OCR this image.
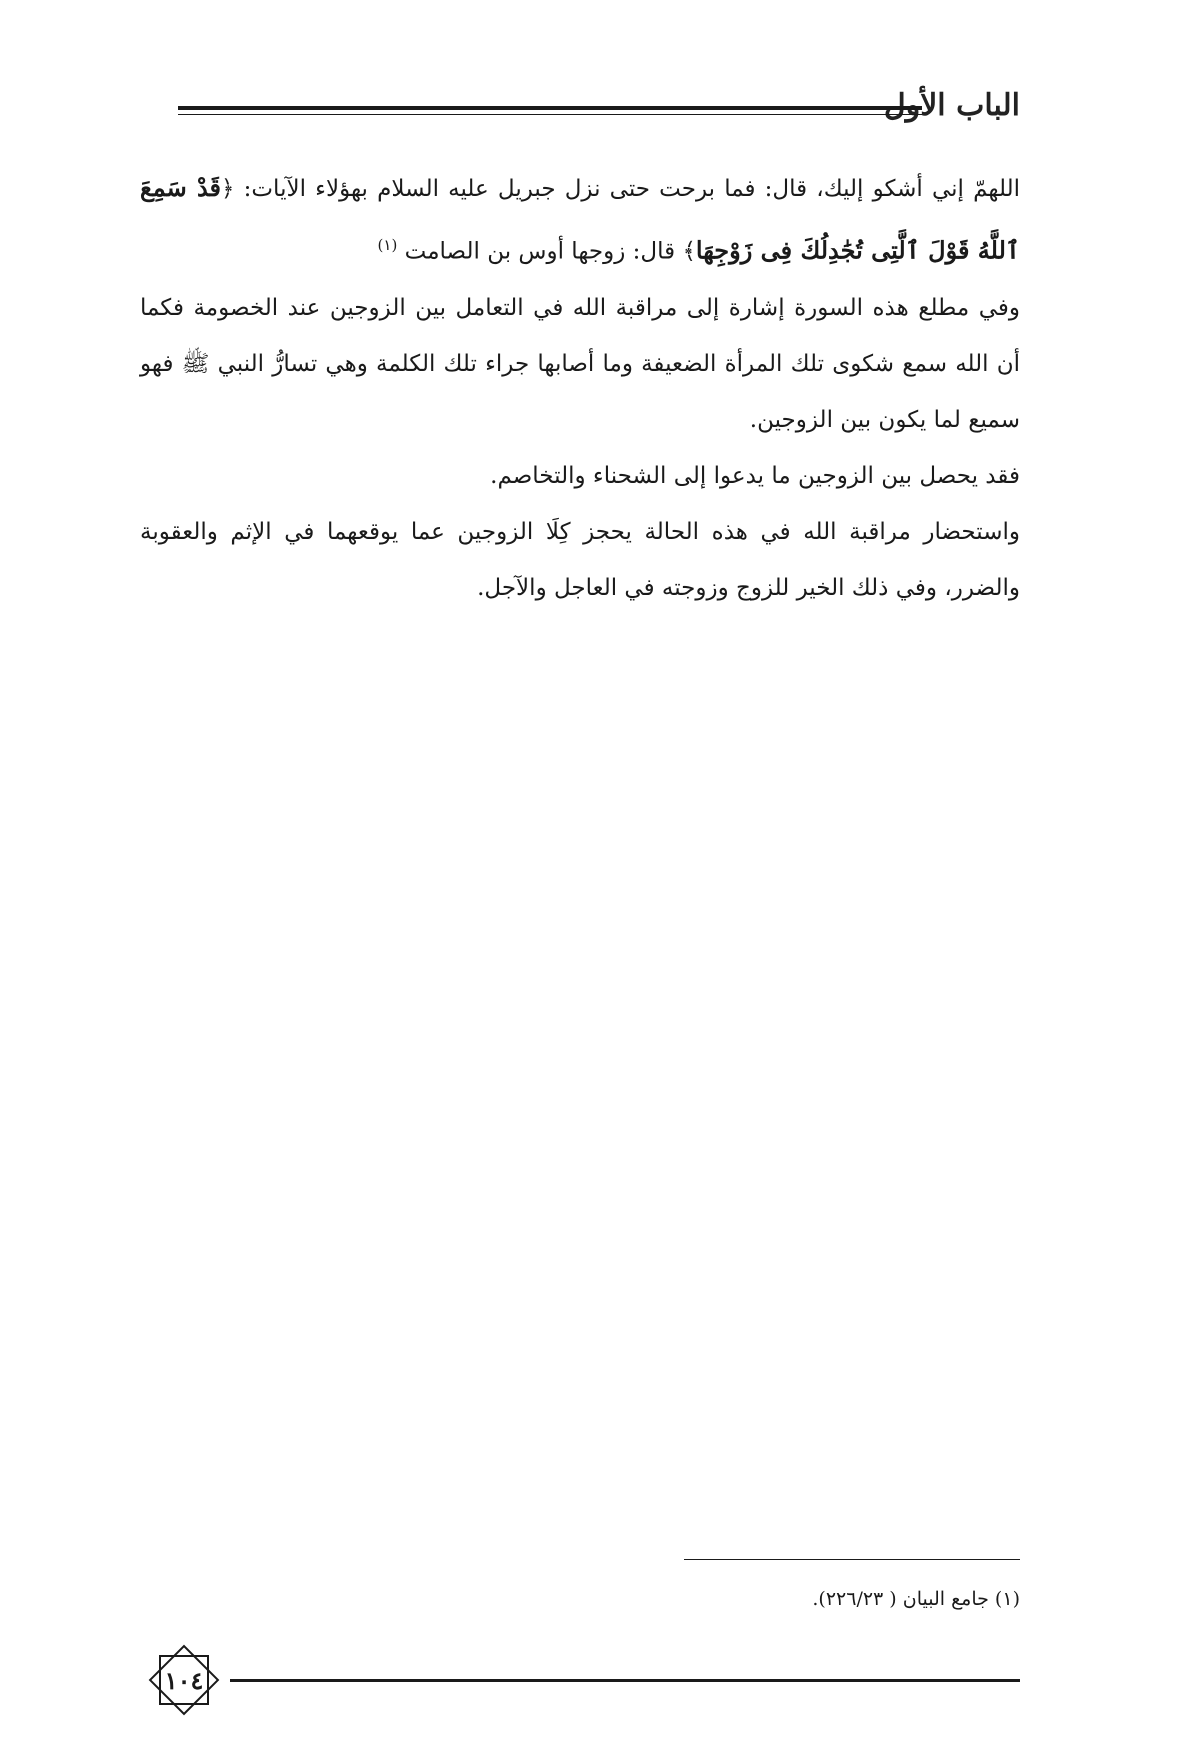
الباب الأول

اللهمّ إني أشكو إليك، قال: فما برحت حتى نزل جبريل عليه السلام بهؤلاء الآيات: ﴿قَدْ سَمِعَ ٱللَّهُ قَوْلَ ٱلَّتِى تُجَٰدِلُكَ فِى زَوْجِهَا﴾ قال: زوجها أوس بن الصامت $^{(١)}$

وفي مطلع هذه السورة إشارة إلى مراقبة الله في التعامل بين الزوجين عند الخصومة فكما أن الله سمع شكوى تلك المرأة الضعيفة وما أصابها جراء تلك الكلمة وهي تسارُّ النبي ﷺ فهو سميع لما يكون بين الزوجين.

فقد يحصل بين الزوجين ما يدعوا إلى الشحناء والتخاصم.

واستحضار مراقبة الله في هذه الحالة يحجز كِلَا الزوجين عما يوقعهما في الإثم والعقوبة والضرر، وفي ذلك الخير للزوج وزوجته في العاجل والآجل.

(١) جامع البيان ( ٢٢٦/٢٣).
١٠٤
